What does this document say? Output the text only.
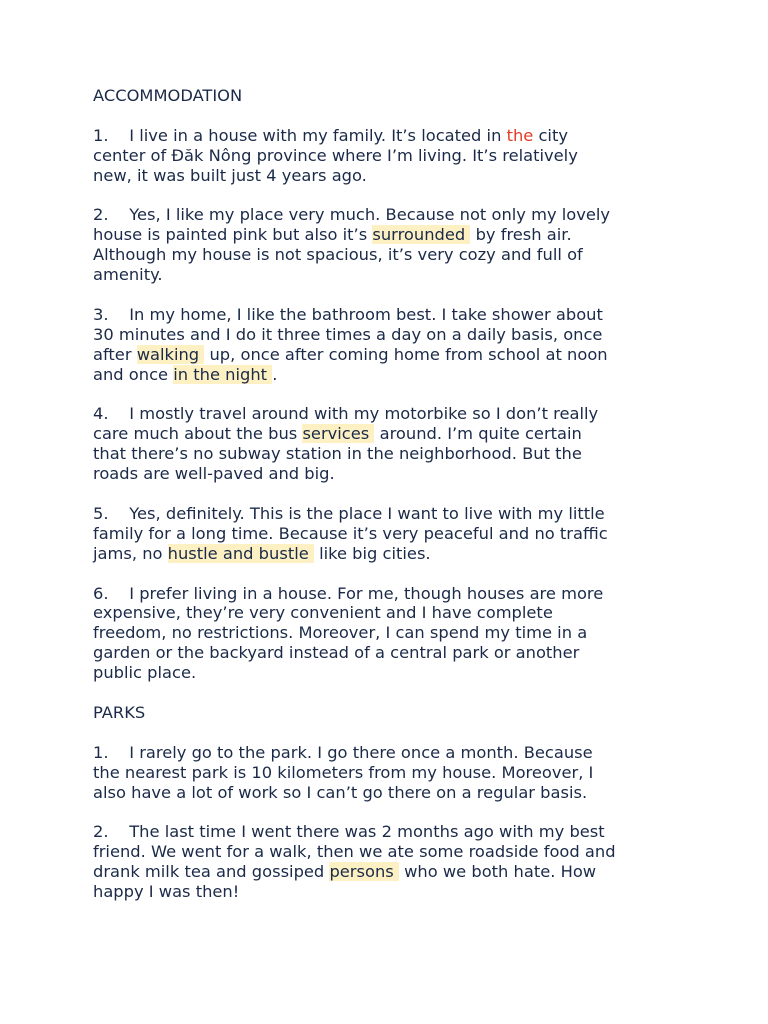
ACCOMMODATION

1.    I live in a house with my family. It’s located in the city
center of Đăk Nông province where I’m living. It’s relatively
new, it was built just 4 years ago.

2.    Yes, I like my place very much. Because not only my lovely
house is painted pink but also it’s surrounded  by fresh air.
Although my house is not spacious, it’s very cozy and full of
amenity.

3.    In my home, I like the bathroom best. I take shower about
30 minutes and I do it three times a day on a daily basis, once
after walking  up, once after coming home from school at noon
and once in the night .

4.    I mostly travel around with my motorbike so I don’t really
care much about the bus services  around. I’m quite certain
that there’s no subway station in the neighborhood. But the
roads are well-paved and big.

5.    Yes, definitely. This is the place I want to live with my little
family for a long time. Because it’s very peaceful and no traffic
jams, no hustle and bustle  like big cities.

6.    I prefer living in a house. For me, though houses are more
expensive, they’re very convenient and I have complete
freedom, no restrictions. Moreover, I can spend my time in a
garden or the backyard instead of a central park or another
public place.

PARKS

1.    I rarely go to the park. I go there once a month. Because
the nearest park is 10 kilometers from my house. Moreover, I
also have a lot of work so I can’t go there on a regular basis.

2.    The last time I went there was 2 months ago with my best
friend. We went for a walk, then we ate some roadside food and
drank milk tea and gossiped persons  who we both hate. How
happy I was then!
